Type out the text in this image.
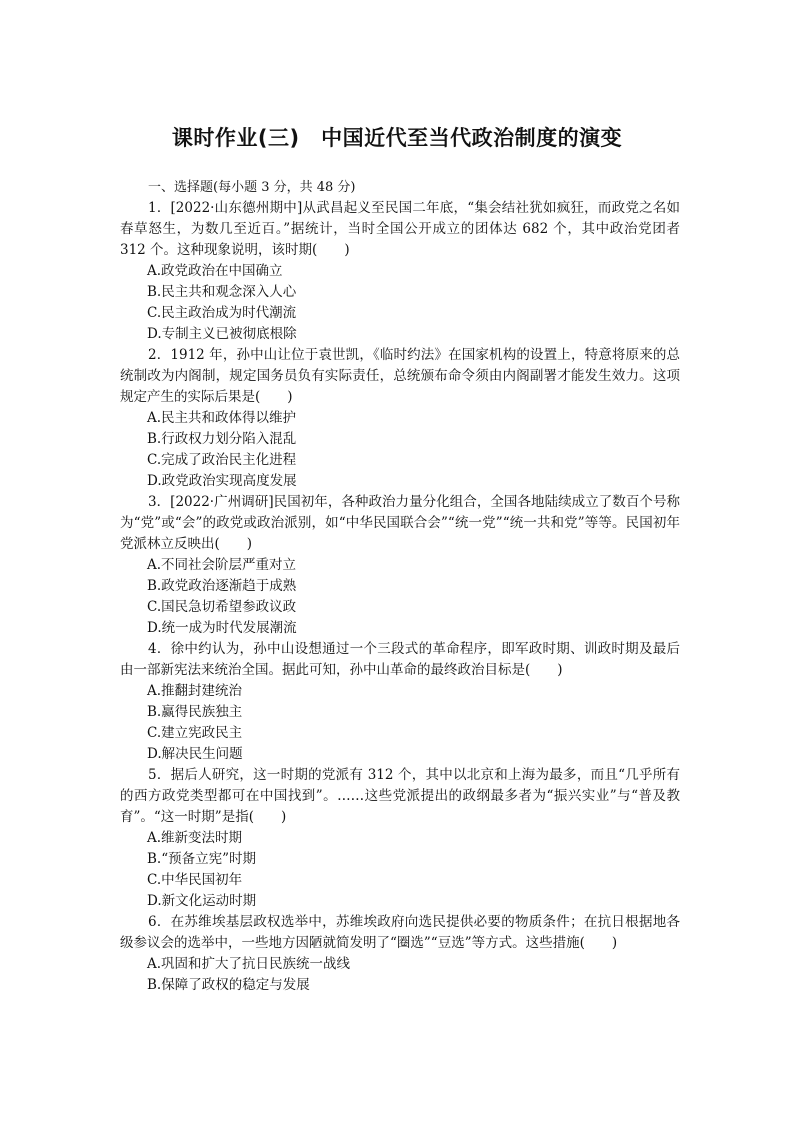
课时作业(三)　中国近代至当代政治制度的演变
一、选择题(每小题 3 分，共 48 分)

1．[2022·山东德州期中]从武昌起义至民国二年底，“集会结社犹如疯狂，而政党之名如春草怒生，为数几至近百。”据统计，当时全国公开成立的团体达 682 个，其中政治党团者 312 个。这种现象说明，该时期(　　)

A.政党政治在中国确立

B.民主共和观念深入人心

C.民主政治成为时代潮流

D.专制主义已被彻底根除

2．1912 年，孙中山让位于袁世凯，《临时约法》在国家机构的设置上，特意将原来的总统制改为内阁制，规定国务员负有实际责任，总统颁布命令须由内阁副署才能发生效力。这项规定产生的实际后果是(　　)

A.民主共和政体得以维护

B.行政权力划分陷入混乱

C.完成了政治民主化进程

D.政党政治实现高度发展

3．[2022·广州调研]民国初年，各种政治力量分化组合，全国各地陆续成立了数百个号称为“党”或“会”的政党或政治派别，如“中华民国联合会”“统一党”“统一共和党”等等。民国初年党派林立反映出(　　)

A.不同社会阶层严重对立

B.政党政治逐渐趋于成熟

C.国民急切希望参政议政

D.统一成为时代发展潮流

4．徐中约认为，孙中山设想通过一个三段式的革命程序，即军政时期、训政时期及最后由一部新宪法来统治全国。据此可知，孙中山革命的最终政治目标是(　　)

A.推翻封建统治

B.赢得民族独主

C.建立宪政民主

D.解决民生问题

5．据后人研究，这一时期的党派有 312 个，其中以北京和上海为最多，而且“几乎所有的西方政党类型都可在中国找到”。……这些党派提出的政纲最多者为“振兴实业”与“普及教育”。“这一时期”是指(　　)

A.维新变法时期

B.“预备立宪”时期

C.中华民国初年

D.新文化运动时期

6．在苏维埃基层政权选举中，苏维埃政府向选民提供必要的物质条件；在抗日根据地各级参议会的选举中，一些地方因陋就简发明了“圈选”“豆选”等方式。这些措施(　　)

A.巩固和扩大了抗日民族统一战线

B.保障了政权的稳定与发展
